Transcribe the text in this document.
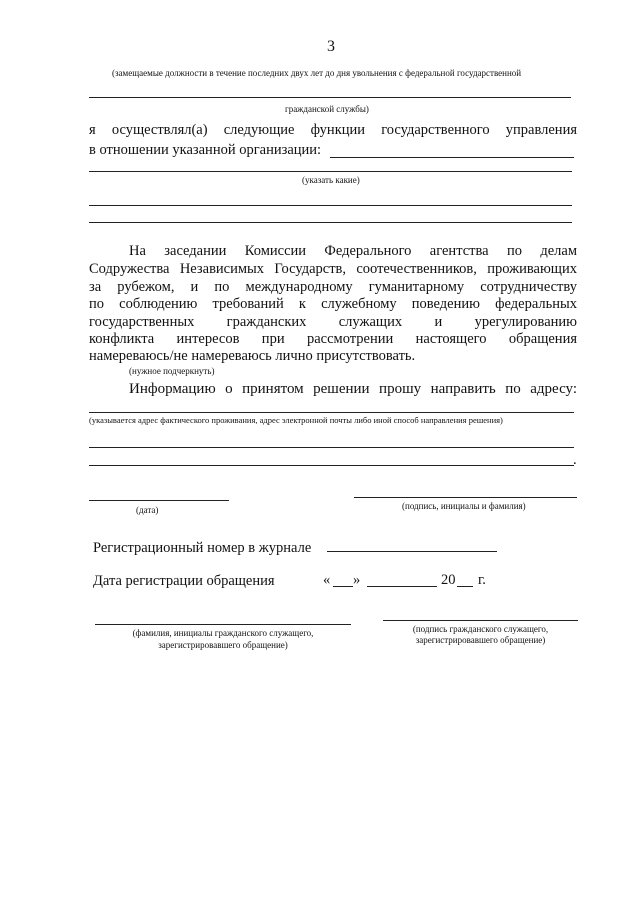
3
(замещаемые должности в течение последних двух лет до дня увольнения с федеральной государственной
гражданской службы)
я осуществлял(а) следующие функции государственного управления
в отношении указанной организации:
(указать какие)
На заседании Комиссии Федерального агентства по делам
Содружества Независимых Государств, соотечественников, проживающих
за рубежом, и по международному гуманитарному сотрудничеству
по соблюдению требований к служебному поведению федеральных
государственных гражданских служащих и урегулированию
конфликта интересов при рассмотрении настоящего обращения
намереваюсь/не намереваюсь лично присутствовать.
(нужное подчеркнуть)
Информацию о принятом решении прошу направить по адресу:
(указывается адрес фактического проживания, адрес электронной почты либо иной способ направления решения)
.
(дата)	(подпись, инициалы и фамилия)
Регистрационный номер в журнале
Дата регистрации обращения	« »	20 г.
(фамилия, инициалы гражданского служащего,
зарегистрировавшего обращение)
(подпись гражданского служащего,
зарегистрировавшего обращение)
